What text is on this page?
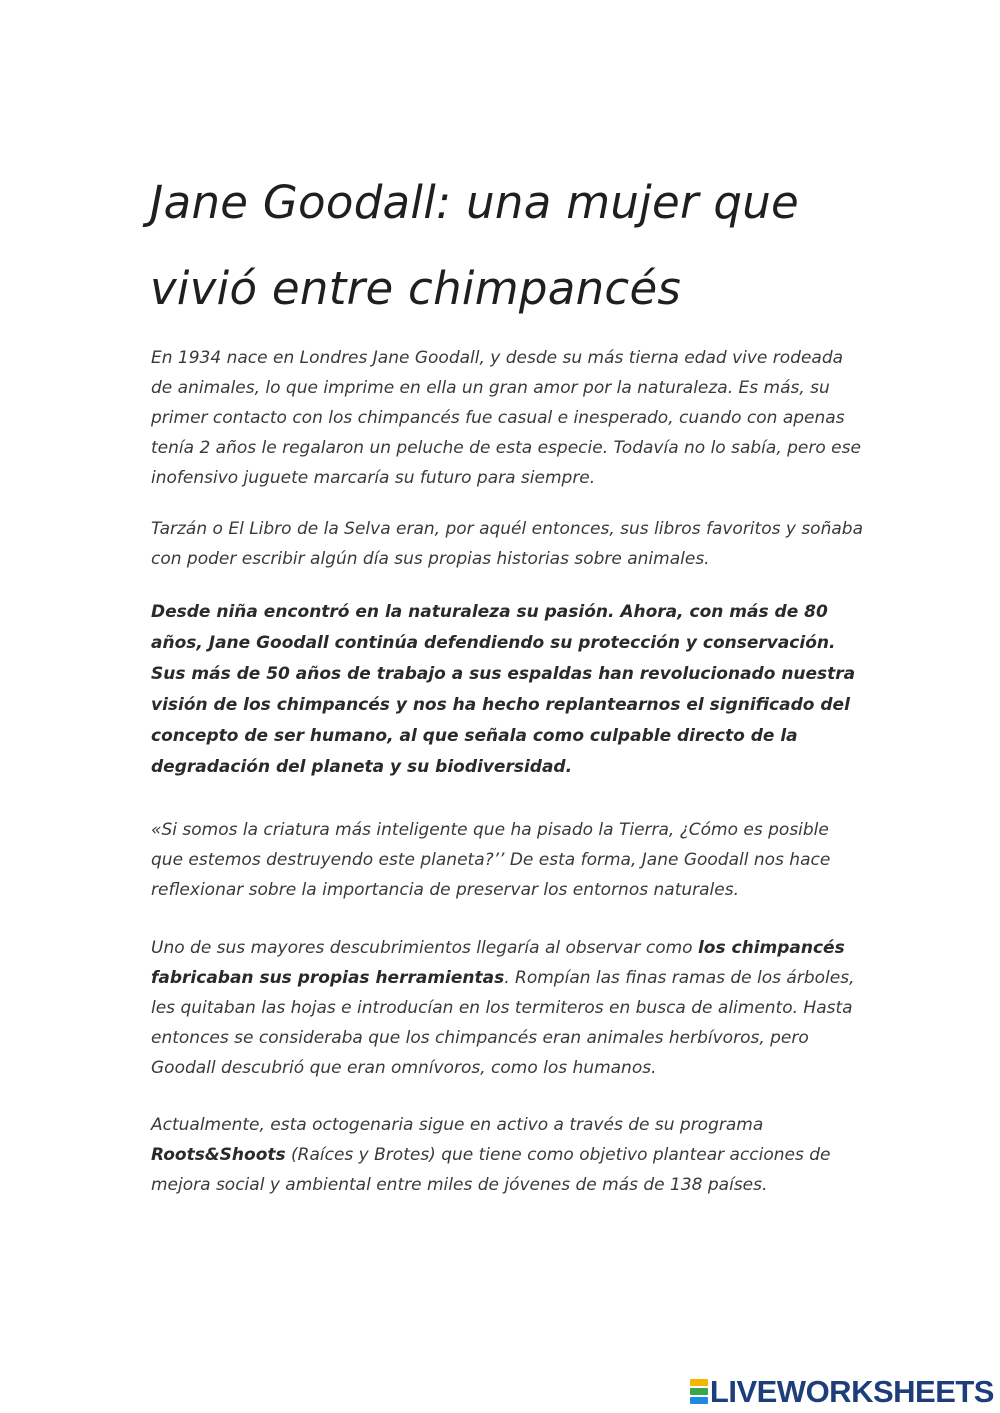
Jane Goodall: una mujer que
vivió entre chimpancés

En 1934 nace en Londres Jane Goodall, y desde su más tierna edad vive rodeada de animales, lo que imprime en ella un gran amor por la naturaleza. Es más, su primer contacto con los chimpancés fue casual e inesperado, cuando con apenas tenía 2 años le regalaron un peluche de esta especie. Todavía no lo sabía, pero ese inofensivo juguete marcaría su futuro para siempre.

Tarzán o El Libro de la Selva eran, por aquél entonces, sus libros favoritos y soñaba con poder escribir algún día sus propias historias sobre animales.

Desde niña encontró en la naturaleza su pasión. Ahora, con más de 80 años, Jane Goodall continúa defendiendo su protección y conservación. Sus más de 50 años de trabajo a sus espaldas han revolucionado nuestra visión de los chimpancés y nos ha hecho replantearnos el significado del concepto de ser humano, al que señala como culpable directo de la degradación del planeta y su biodiversidad.

«Si somos la criatura más inteligente que ha pisado la Tierra, ¿Cómo es posible que estemos destruyendo este planeta?’’ De esta forma, Jane Goodall nos hace reflexionar sobre la importancia de preservar los entornos naturales.

Uno de sus mayores descubrimientos llegaría al observar como los chimpancés fabricaban sus propias herramientas. Rompían las finas ramas de los árboles, les quitaban las hojas e introducían en los termiteros en busca de alimento. Hasta entonces se consideraba que los chimpancés eran animales herbívoros, pero Goodall descubrió que eran omnívoros, como los humanos.

Actualmente, esta octogenaria sigue en activo a través de su programa Roots&Shoots (Raíces y Brotes) que tiene como objetivo plantear acciones de mejora social y ambiental entre miles de jóvenes de más de 138 países.

LIVEWORKSHEETS
